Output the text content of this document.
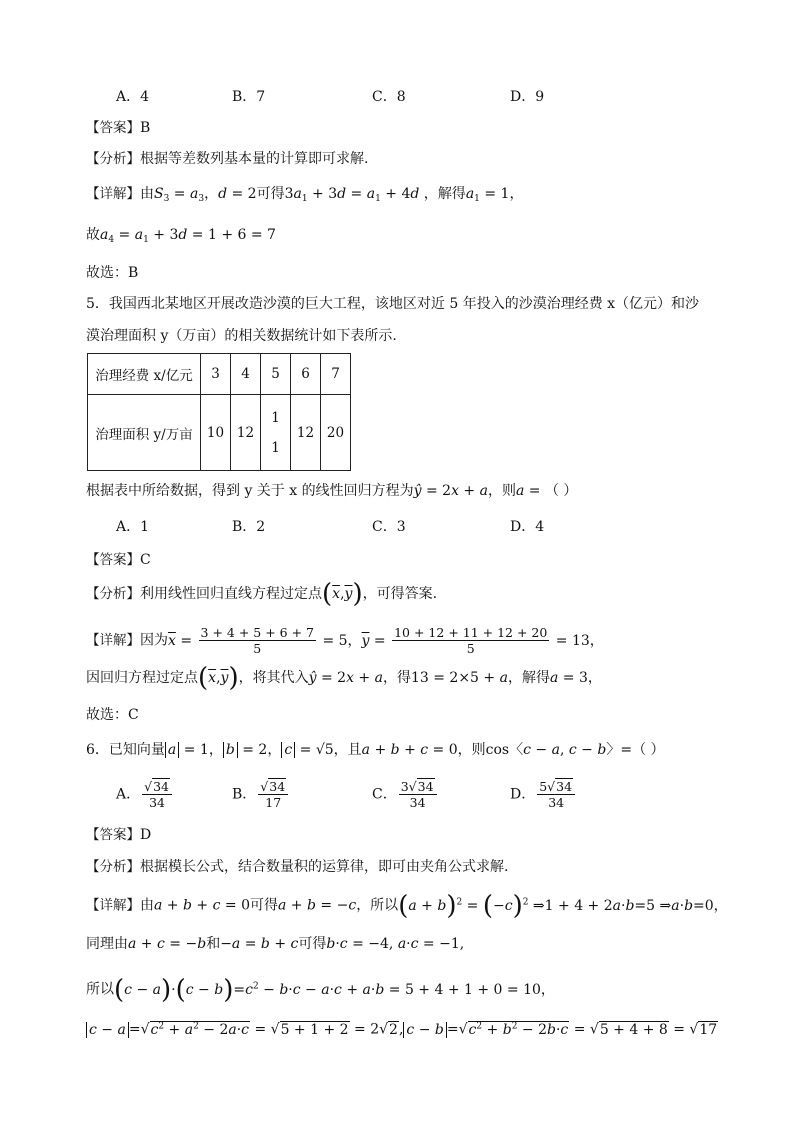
A．4	B．7	C．8	D．9
【答案】B
【分析】根据等差数列基本量的计算即可求解.
【详解】由$S_3 = a_3$，d = 2可得$3a_1 + 3d = a_1 + 4d$ ，解得$a_1 = 1$，
故$a_4 = a_1 + 3d = 1 + 6 = 7$
故选：B
5．我国西北某地区开展改造沙漠的巨大工程，该地区对近 5 年投入的沙漠治理经费 x（亿元）和沙
漠治理面积 y（万亩）的相关数据统计如下表所示.
治理经费 x/亿元	3	4	5	6	7
治理面积 y/万亩	10	12	11	12	20
根据表中所给数据，得到 y 关于 x 的线性回归方程为ŷ = 2x + a，则a = （ ）
A．1	B．2	C．3	D．4
【答案】C
【分析】利用线性回归直线方程过定点$(\overline{x},\overline{y})$，可得答案.
【详解】因为$\overline{x} = \frac{3 + 4 + 5 + 6 + 7}{5} = 5$，$\overline{y} = \frac{10 + 12 + 11 + 12 + 20}{5} = 13$，
因回归方程过定点$(\overline{x},\overline{y})$，将其代入ŷ = 2x + a，得13 = 2×5 + a，解得a = 3，
故选：C
6．已知向量 a = 1， b = 2， c = √5，且a + b + c = 0，则cos〈c − a, c − b〉=（ ）
A． $\frac{√34}{34}$	B． $\frac{√34}{17}$	C． $\frac{3√34}{34}$	D． $\frac{5√34}{34}$
【答案】D
【分析】根据模长公式，结合数量积的运算律，即可由夹角公式求解.
【详解】由a + b + c = 0可得a + b = −c，所以$(a + b)^2 = (-c)^2$ ⇒1 + 4 + 2a·b=5 ⇒a·b=0，
同理由a + c = −b和−a = b + c可得b·c = −4, a·c = −1,
所以$(c - a)\cdot(c - b)=c^2 - b\cdot c - a\cdot c + a\cdot b = 5 + 4 + 1 + 0 = 10$，
$c - a =√c^2 + a^2 - 2a\cdot c = √5 + 1 + 2 = 2√2$, $c - b =√c^2 + b^2 - 2b\cdot c = √5 + 4 + 8 = √17$
